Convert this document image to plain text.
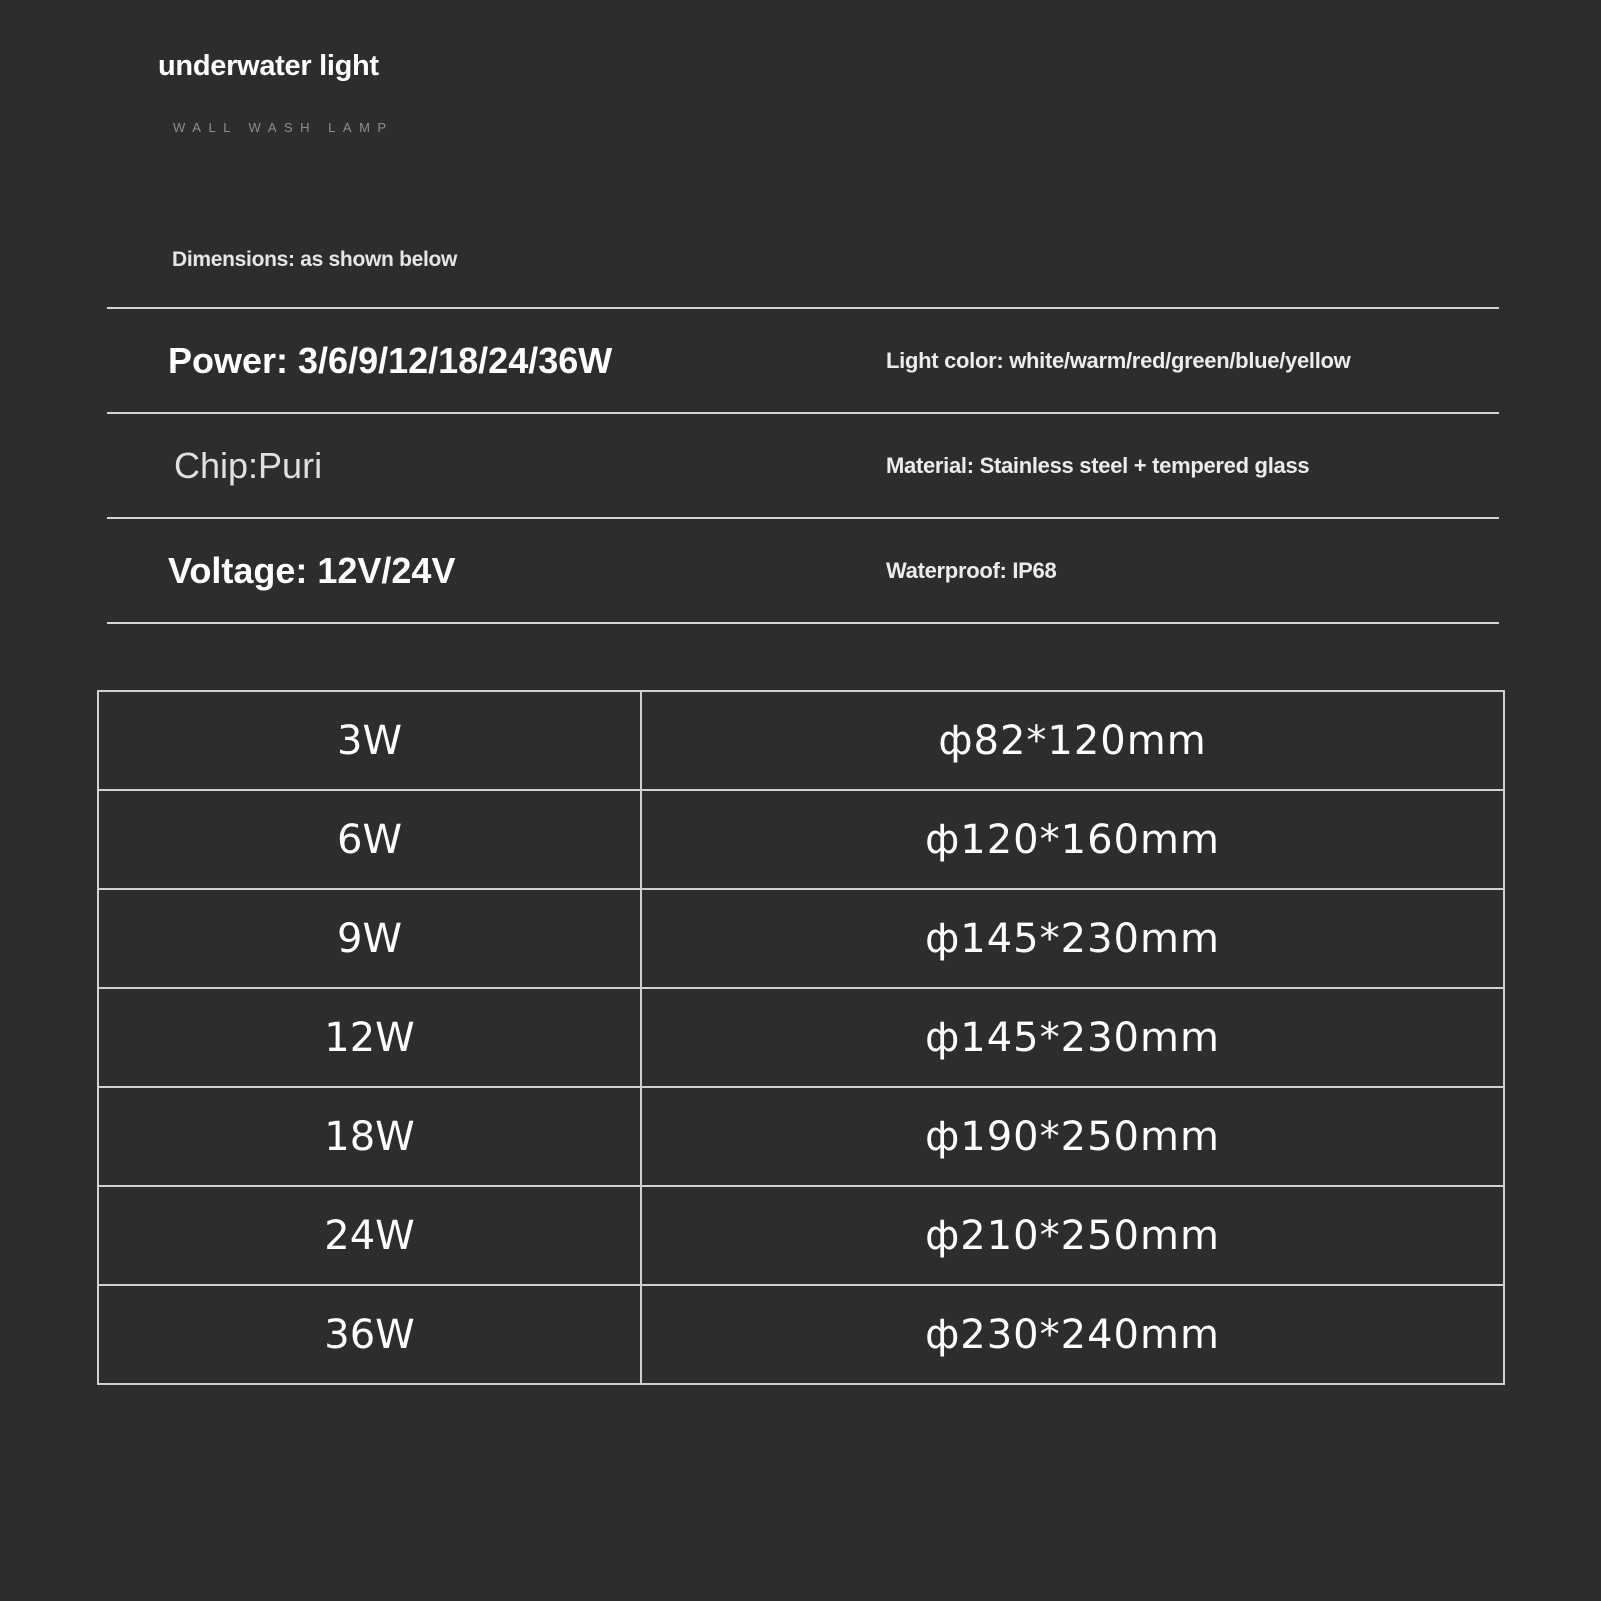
underwater light
WALL WASH LAMP
Dimensions: as shown below
Power: 3/6/9/12/18/24/36W	Light color: white/warm/red/green/blue/yellow
Chip:Puri	Material: Stainless steel + tempered glass
Voltage: 12V/24V	Waterproof: IP68
3W	ф82*120mm
6W	ф120*160mm
9W	ф145*230mm
12W	ф145*230mm
18W	ф190*250mm
24W	ф210*250mm
36W	ф230*240mm
